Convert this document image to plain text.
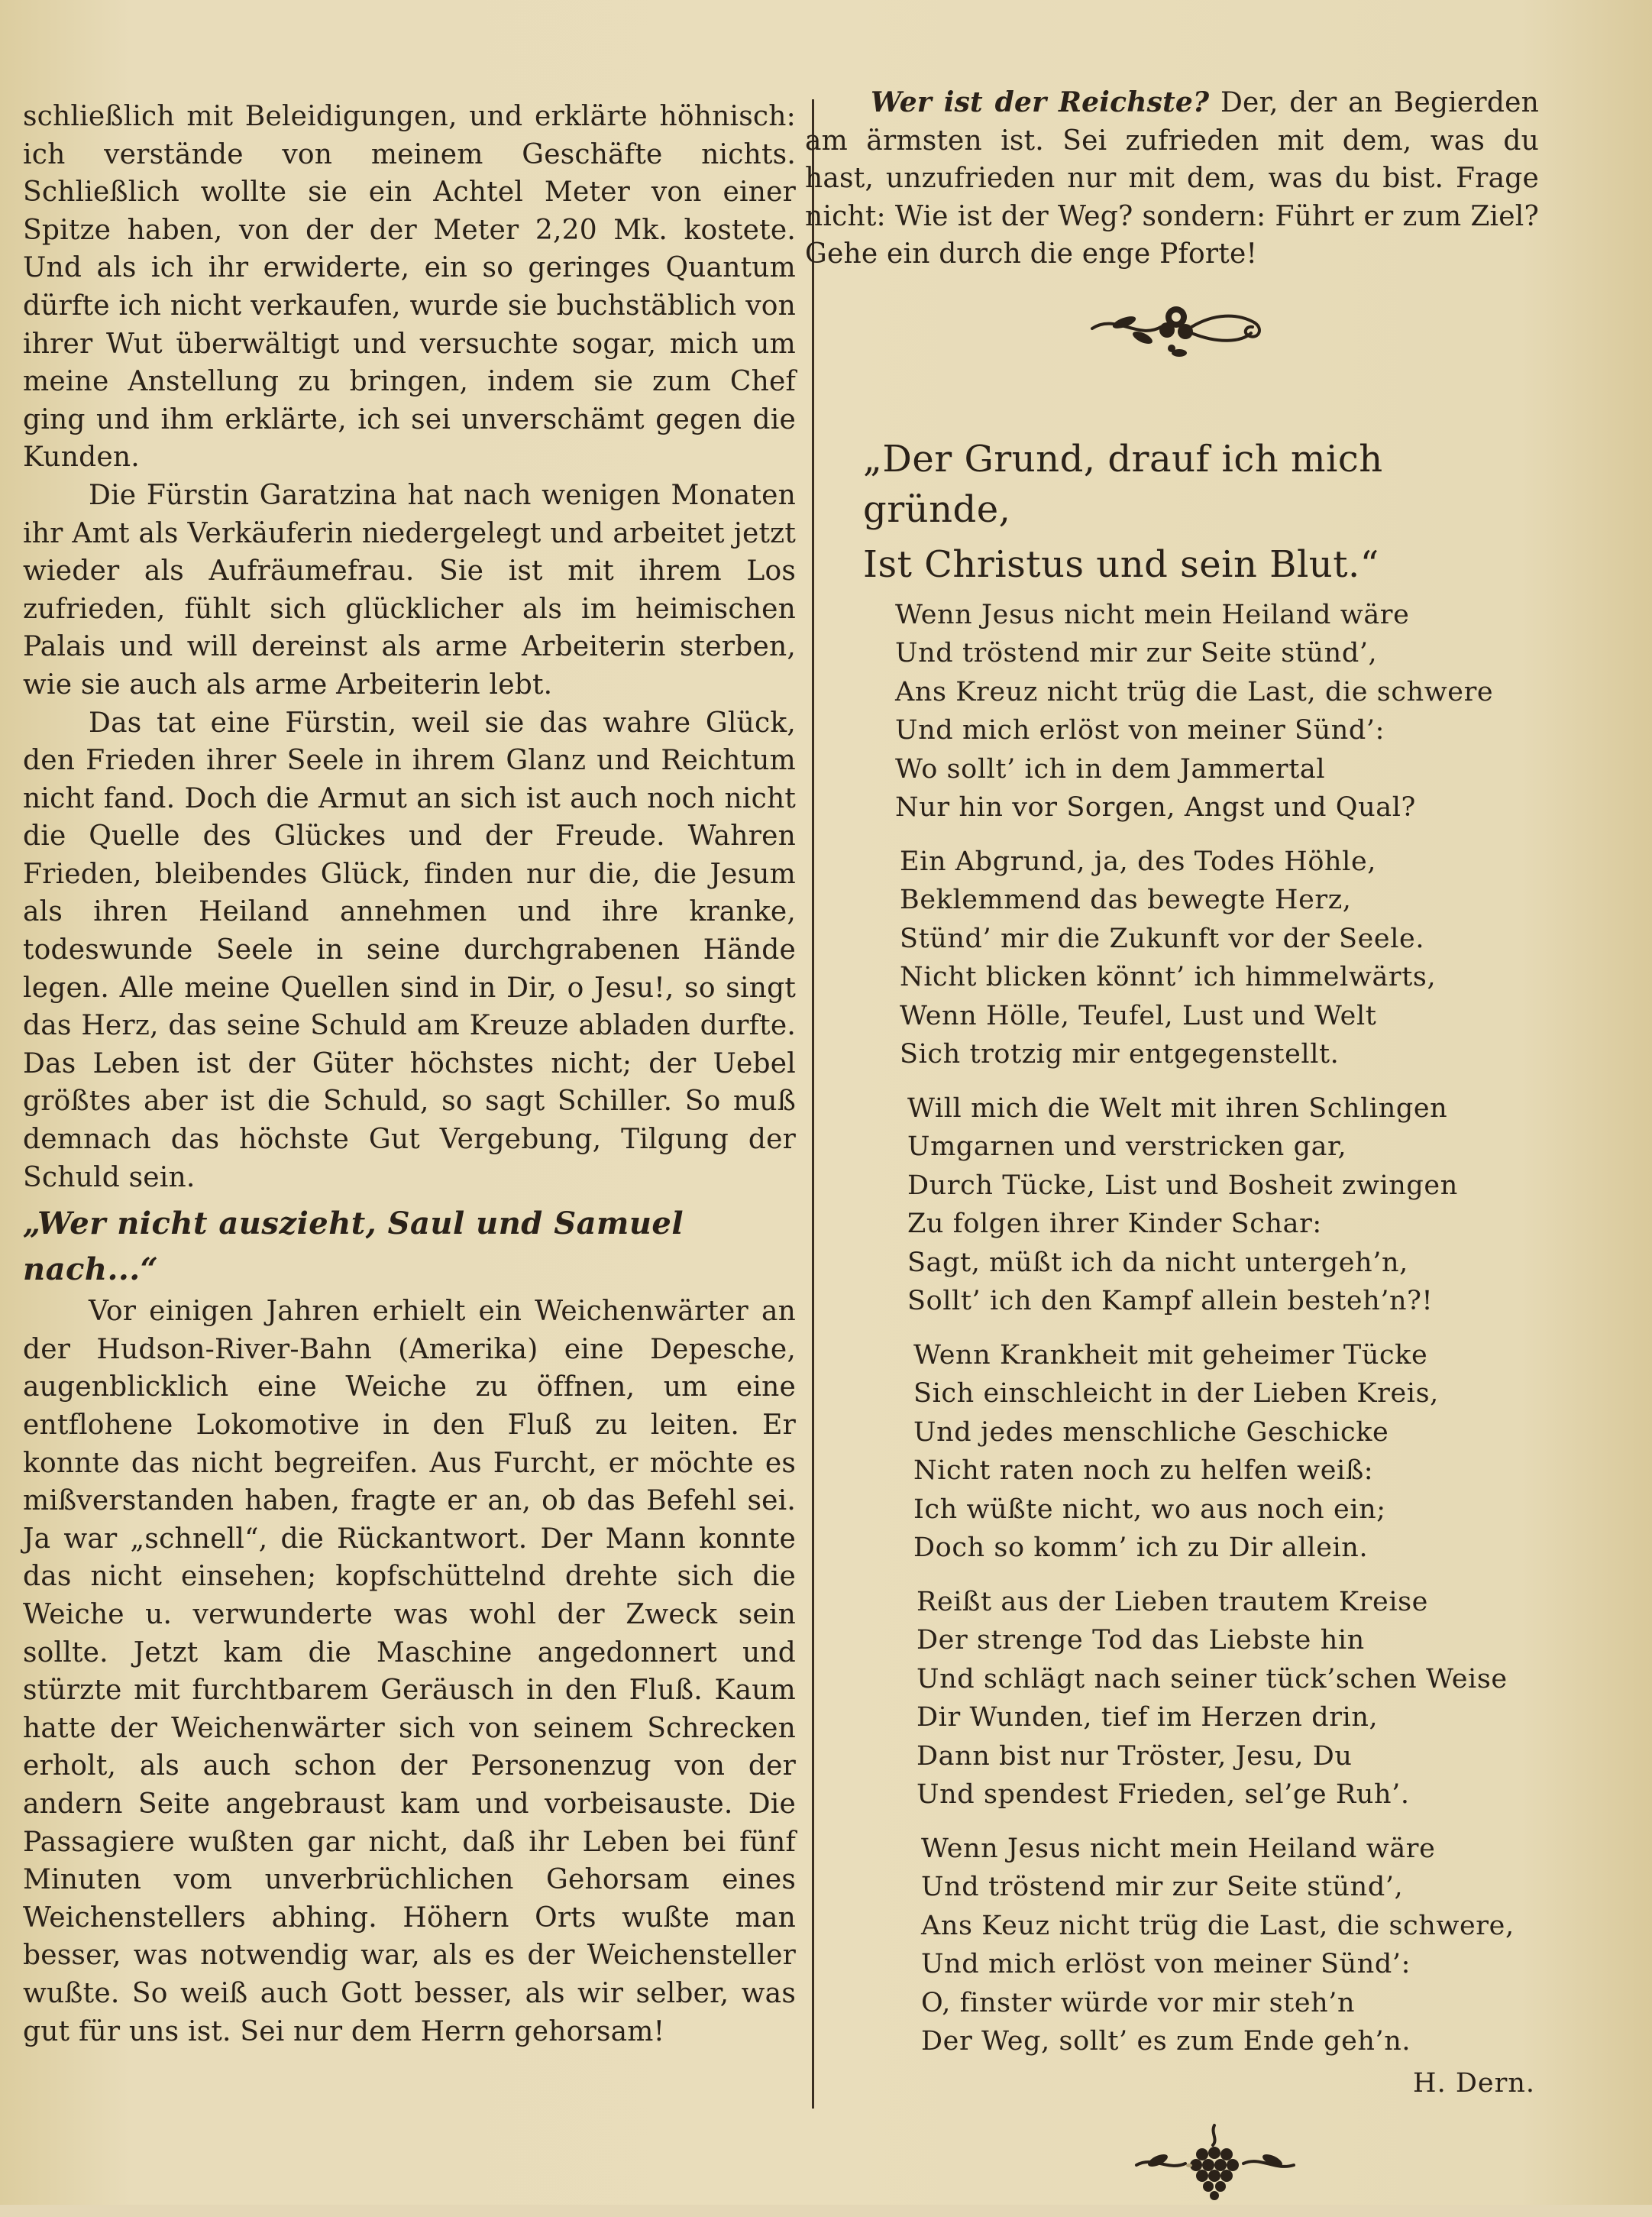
schließlich mit Beleidigungen, und erklärte höhnisch: ich verstände von meinem Geschäfte nichts. Schließlich wollte sie ein Achtel Meter von einer Spitze haben, von der der Meter 2,20 Mk. kostete. Und als ich ihr erwiderte, ein so geringes Quantum dürfte ich nicht verkaufen, wurde sie buchstäblich von ihrer Wut überwältigt und versuchte sogar, mich um meine Anstellung zu bringen, indem sie zum Chef ging und ihm erklärte, ich sei unverschämt gegen die Kunden.

Die Fürstin Garatzina hat nach wenigen Monaten ihr Amt als Verkäuferin niedergelegt und arbeitet jetzt wieder als Aufräumefrau. Sie ist mit ihrem Los zufrieden, fühlt sich glücklicher als im heimischen Palais und will dereinst als arme Arbeiterin sterben, wie sie auch als arme Arbeiterin lebt.

Das tat eine Fürstin, weil sie das wahre Glück, den Frieden ihrer Seele in ihrem Glanz und Reichtum nicht fand. Doch die Armut an sich ist auch noch nicht die Quelle des Glückes und der Freude. Wahren Frieden, bleibendes Glück, finden nur die, die Jesum als ihren Heiland annehmen und ihre kranke, todeswunde Seele in seine durchgrabenen Hände legen. Alle meine Quellen sind in Dir, o Jesu!, so singt das Herz, das seine Schuld am Kreuze abladen durfte. Das Leben ist der Güter höchstes nicht; der Uebel größtes aber ist die Schuld, so sagt Schiller. So muß demnach das höchste Gut Vergebung, Tilgung der Schuld sein.

„Wer nicht auszieht, Saul und Samuel nach...“

Vor einigen Jahren erhielt ein Weichenwärter an der Hudson-River-Bahn (Amerika) eine Depesche, augenblicklich eine Weiche zu öffnen, um eine entflohene Lokomotive in den Fluß zu leiten. Er konnte das nicht begreifen. Aus Furcht, er möchte es mißverstanden haben, fragte er an, ob das Befehl sei. Ja war „schnell“, die Rückantwort. Der Mann konnte das nicht einsehen; kopfschüttelnd drehte sich die Weiche u. verwunderte was wohl der Zweck sein sollte. Jetzt kam die Maschine angedonnert und stürzte mit furchtbarem Geräusch in den Fluß. Kaum hatte der Weichenwärter sich von seinem Schrecken erholt, als auch schon der Personenzug von der andern Seite angebraust kam und vorbeisauste. Die Passagiere wußten gar nicht, daß ihr Leben bei fünf Minuten vom unverbrüchlichen Gehorsam eines Weichenstellers abhing. Höhern Orts wußte man besser, was notwendig war, als es der Weichensteller wußte. So weiß auch Gott besser, als wir selber, was gut für uns ist. Sei nur dem Herrn gehorsam!

Wer ist der Reichste? Der, der an Begierden am ärmsten ist. Sei zufrieden mit dem, was du hast, unzufrieden nur mit dem, was du bist. Frage nicht: Wie ist der Weg? sondern: Führt er zum Ziel? Gehe ein durch die enge Pforte!

„Der Grund, drauf ich mich gründe,

Ist Christus und sein Blut.“

Wenn Jesus nicht mein Heiland wäre

Und tröstend mir zur Seite stünd’,

Ans Kreuz nicht trüg die Last, die schwere

Und mich erlöst von meiner Sünd’:

Wo sollt’ ich in dem Jammertal

Nur hin vor Sorgen, Angst und Qual?

Ein Abgrund, ja, des Todes Höhle,

Beklemmend das bewegte Herz,

Stünd’ mir die Zukunft vor der Seele.

Nicht blicken könnt’ ich himmelwärts,

Wenn Hölle, Teufel, Lust und Welt

Sich trotzig mir entgegenstellt.

Will mich die Welt mit ihren Schlingen

Umgarnen und verstricken gar,

Durch Tücke, List und Bosheit zwingen

Zu folgen ihrer Kinder Schar:

Sagt, müßt ich da nicht untergeh’n,

Sollt’ ich den Kampf allein besteh’n?!

Wenn Krankheit mit geheimer Tücke

Sich einschleicht in der Lieben Kreis,

Und jedes menschliche Geschicke

Nicht raten noch zu helfen weiß:

Ich wüßte nicht, wo aus noch ein;

Doch so komm’ ich zu Dir allein.

Reißt aus der Lieben trautem Kreise

Der strenge Tod das Liebste hin

Und schlägt nach seiner tück’schen Weise

Dir Wunden, tief im Herzen drin,

Dann bist nur Tröster, Jesu, Du

Und spendest Frieden, sel’ge Ruh’.

Wenn Jesus nicht mein Heiland wäre

Und tröstend mir zur Seite stünd’,

Ans Keuz nicht trüg die Last, die schwere,

Und mich erlöst von meiner Sünd’:

O, finster würde vor mir steh’n

Der Weg, sollt’ es zum Ende geh’n.

H. Dern.
